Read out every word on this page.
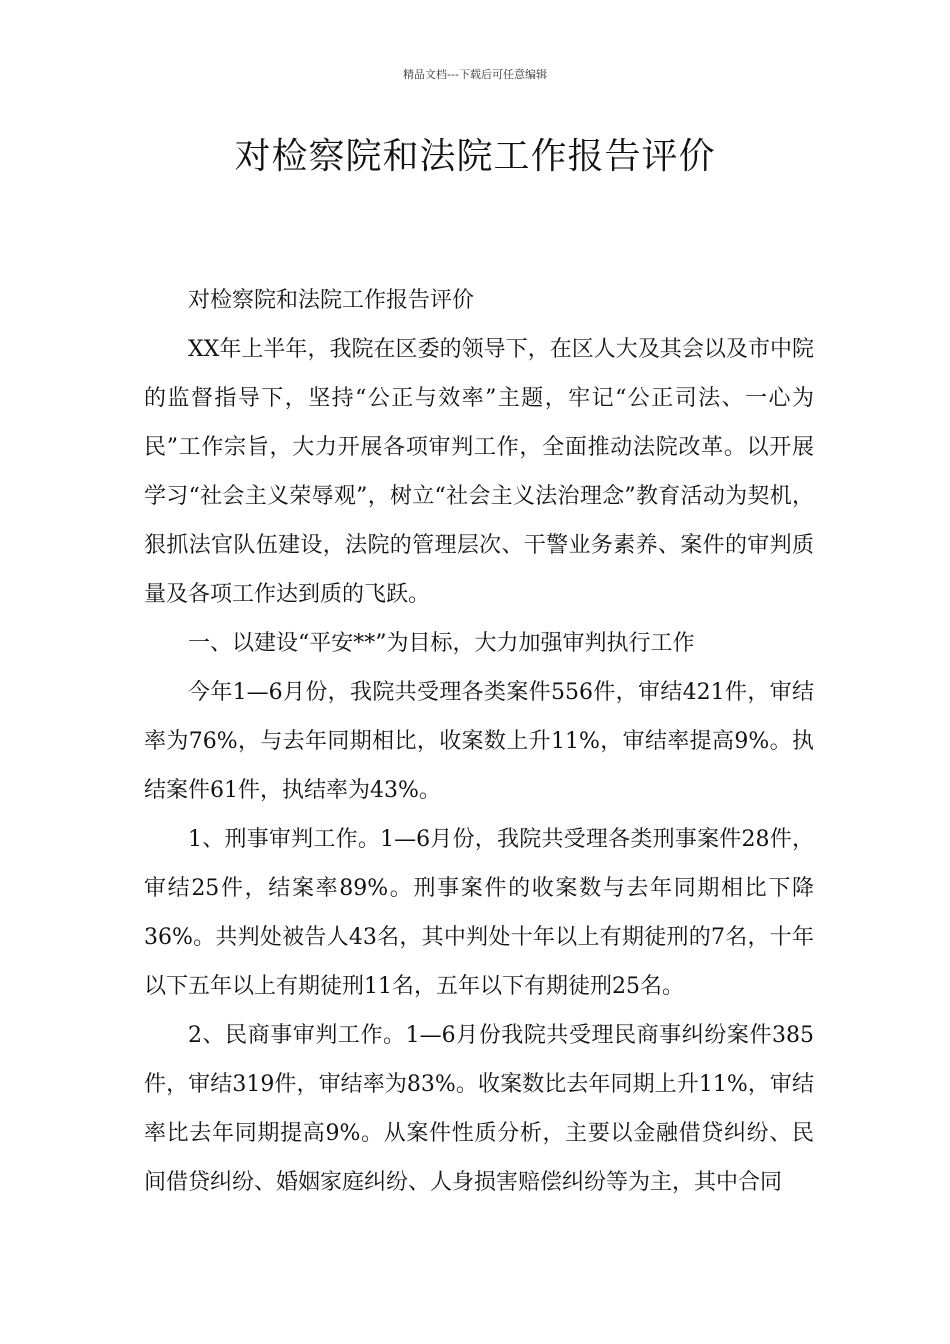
精品文档---下载后可任意编辑
对检察院和法院工作报告评价

对检察院和法院工作报告评价

XX年上半年，我院在区委的领导下，在区人大及其会以及市中院的监督指导下，坚持“公正与效率”主题，牢记“公正司法、一心为民”工作宗旨，大力开展各项审判工作，全面推动法院改革。以开展学习“社会主义荣辱观”，树立“社会主义法治理念”教育活动为契机，狠抓法官队伍建设，法院的管理层次、干警业务素养、案件的审判质量及各项工作达到质的飞跃。

一、以建设“平安**”为目标，大力加强审判执行工作

今年1—6月份，我院共受理各类案件556件，审结421件，审结率为76%，与去年同期相比，收案数上升11%，审结率提高9%。执结案件61件，执结率为43%。

1、刑事审判工作。1—6月份，我院共受理各类刑事案件28件，审结25件，结案率89%。刑事案件的收案数与去年同期相比下降36%。共判处被告人43名，其中判处十年以上有期徒刑的7名，十年以下五年以上有期徒刑11名，五年以下有期徒刑25名。

2、民商事审判工作。1—6月份我院共受理民商事纠纷案件385件，审结319件，审结率为83%。收案数比去年同期上升11%，审结率比去年同期提高9%。从案件性质分析，主要以金融借贷纠纷、民间借贷纠纷、婚姻家庭纠纷、人身损害赔偿纠纷等为主，其中合同
